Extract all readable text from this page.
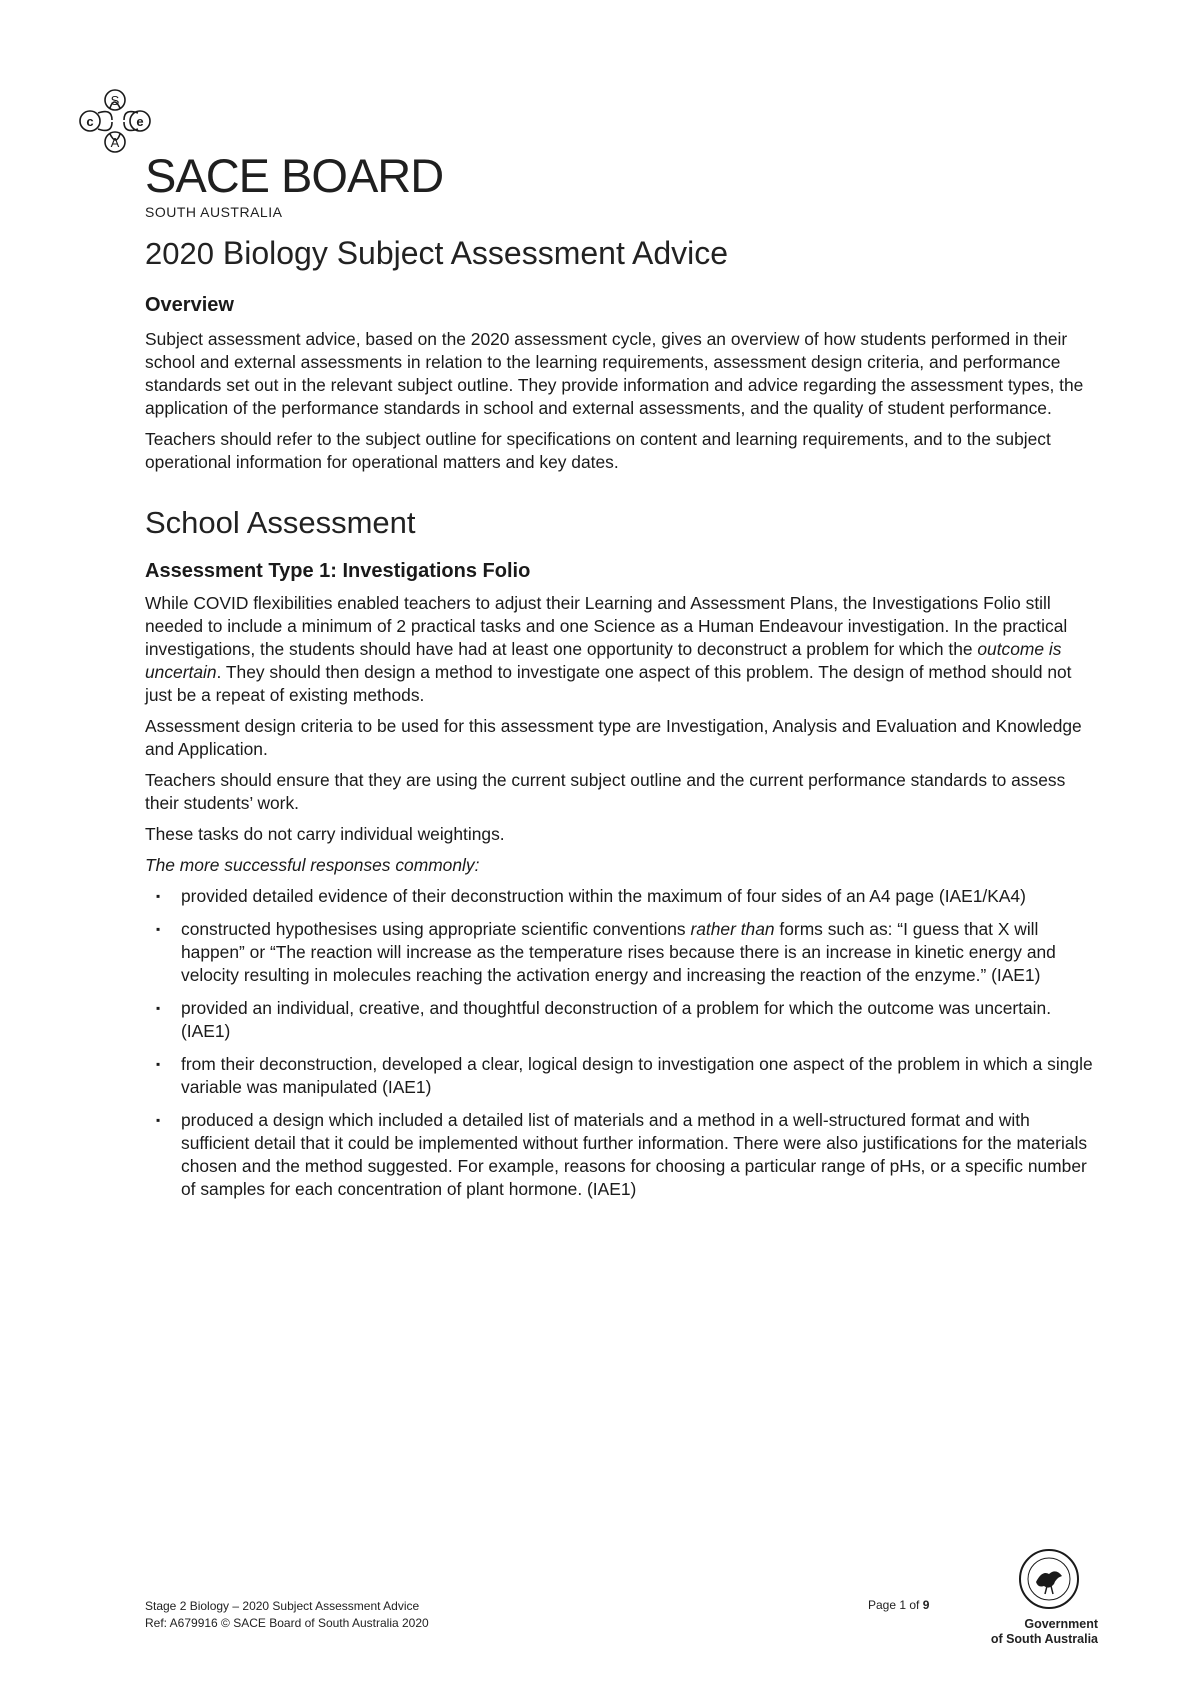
S
c	e
A
SACE BOARD
SOUTH AUSTRALIA
2020 Biology Subject Assessment Advice
Overview

Subject assessment advice, based on the 2020 assessment cycle, gives an overview of how students performed in their school and external assessments in relation to the learning requirements, assessment design criteria, and performance standards set out in the relevant subject outline. They provide information and advice regarding the assessment types, the application of the performance standards in school and external assessments, and the quality of student performance.

Teachers should refer to the subject outline for specifications on content and learning requirements, and to the subject operational information for operational matters and key dates.

School Assessment
Assessment Type 1: Investigations Folio

While COVID flexibilities enabled teachers to adjust their Learning and Assessment Plans, the Investigations Folio still needed to include a minimum of 2 practical tasks and one Science as a Human Endeavour investigation. In the practical investigations, the students should have had at least one opportunity to deconstruct a problem for which the outcome is uncertain. They should then design a method to investigate one aspect of this problem. The design of method should not just be a repeat of existing methods.

Assessment design criteria to be used for this assessment type are Investigation, Analysis and Evaluation and Knowledge and Application.

Teachers should ensure that they are using the current subject outline and the current performance standards to assess their students’ work.

These tasks do not carry individual weightings.

The more successful responses commonly:

▪ provided detailed evidence of their deconstruction within the maximum of four sides of an A4 page (IAE1/KA4)
▪ constructed hypothesises using appropriate scientific conventions rather than forms such as: “I guess that X will happen” or “The reaction will increase as the temperature rises because there is an increase in kinetic energy and velocity resulting in molecules reaching the activation energy and increasing the reaction of the enzyme.” (IAE1)
▪ provided an individual, creative, and thoughtful deconstruction of a problem for which the outcome was uncertain. (IAE1)
▪ from their deconstruction, developed a clear, logical design to investigation one aspect of the problem in which a single variable was manipulated (IAE1)
▪ produced a design which included a detailed list of materials and a method in a well-structured format and with sufficient detail that it could be implemented without further information. There were also justifications for the materials chosen and the method suggested. For example, reasons for choosing a particular range of pHs, or a specific number of samples for each concentration of plant hormone. (IAE1)
Stage 2 Biology – 2020 Subject Assessment Advice
Ref: A679916 © SACE Board of South Australia 2020
Page 1 of 9
Government
of South Australia
